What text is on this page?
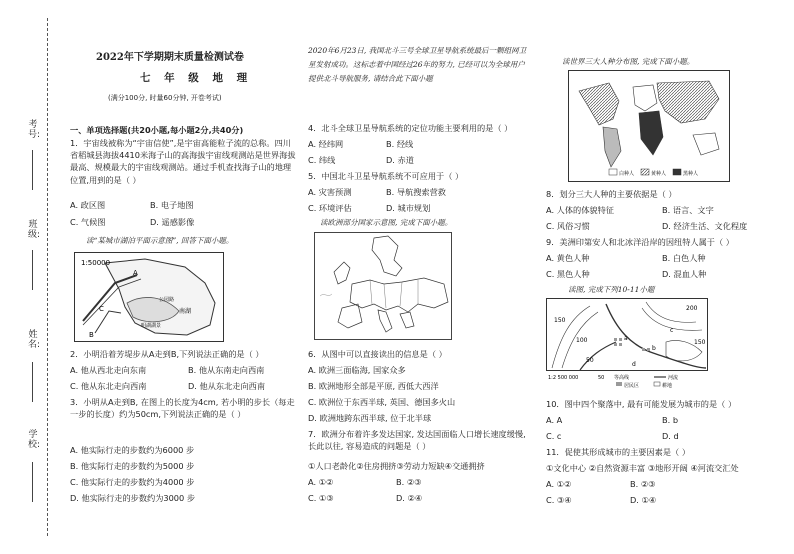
考号:
班级:
姓名:
学校:
2022年下学期期末质量检测试卷
七 年 级 地 理
(满分100分, 时量60分钟, 开卷考试)
一、单项选择题(共20小题,每小题2分,共40分)
1．宇宙线被称为“宇宙信使”,是宇宙高能粒子流的总称。四川省稻城县海拔4410米海子山的高海拔宇宙线观测站是世界海拔最高、规模最大的宇宙线观测站。通过手机查找海子山的地理位置,用到的是（ ）
A. 政区图	B. 电子地图
C. 气候图	D. 遥感影像
读“某城市湖泊平面示意图”, 回答下面小题。
1:50000
A
B
C	南湖
公园路
明湖湖景
2．小明沿着芳堤步从A走到B,下列说法正确的是（ ）
A. 他从西北走向东南	B. 他从东南走向西南
C. 他从东北走向西南	D. 他从东北走向西南
3．小明从A走到B, 在图上的长度为4cm, 若小明的步长（每走一步的长度）约为50cm,下列说法正确的是（ ）
A. 他实际行走的步数约为6000 步
B. 他实际行走的步数约为5000 步
C. 他实际行走的步数约为4000 步
D. 他实际行走的步数约为3000 步
2020年6月23日, 我国北斗三号全球卫星导航系统最后一颗组网卫星发射成功。这标志着中国经过26年的努力, 已经可以为全球用户提供北斗导航服务, 请结合此下面小题
4．北斗全球卫星导航系统的定位功能主要利用的是（ ）
A. 经纬网	B. 经线
C. 纬线	D. 赤道
5．中国北斗卫星导航系统不可应用于（ ）
A. 灾害预测	B. 导航搜索营救
C. 环境评估	D. 城市规划
读欧洲部分国家示意图, 完成下面小题。
6．从图中可以直接读出的信息是（ ）
A. 欧洲三面临海, 国家众多
B. 欧洲地形全部是平原, 西低大西洋
C. 欧洲位于东西半球, 英国、德国多火山
D. 欧洲地跨东西半球, 位于北半球
7．欧洲分布着许多发达国家, 发达国面临人口增长速度缓慢, 长此以往, 容易造成的问题是（ ）
①人口老龄化②住房拥挤③劳动力短缺④交通拥挤
A. ①②	B. ②③
C. ①③	D. ②④
读世界三大人种分布图, 完成下面小题。
白种人	黄种人	黑种人
8．划分三大人种的主要依据是（ ）
A. 人体的体貌特征	B. 语言、文字
C. 风俗习惯	D. 经济生活、文化程度
9．美洲印第安人和北冰洋沿岸的因纽特人属于（ ）
A. 黄色人种	B. 白色人种
C. 黑色人种	D. 混血人种
读图, 完成下列10-11小题
150
100
50
200
150
a
b
c
d
1:2 500 000	50 等高线	河流
居民区	耕地
10．图中四个聚落中, 最有可能发展为城市的是（ ）
A. A	B. b
C. c	D. d
11．促使其形成城市的主要因素是（ ）
①文化中心 ②自然资源丰富 ③地形开阔 ④河流交汇处
A. ①②	B. ②③
C. ③④	D. ①④
